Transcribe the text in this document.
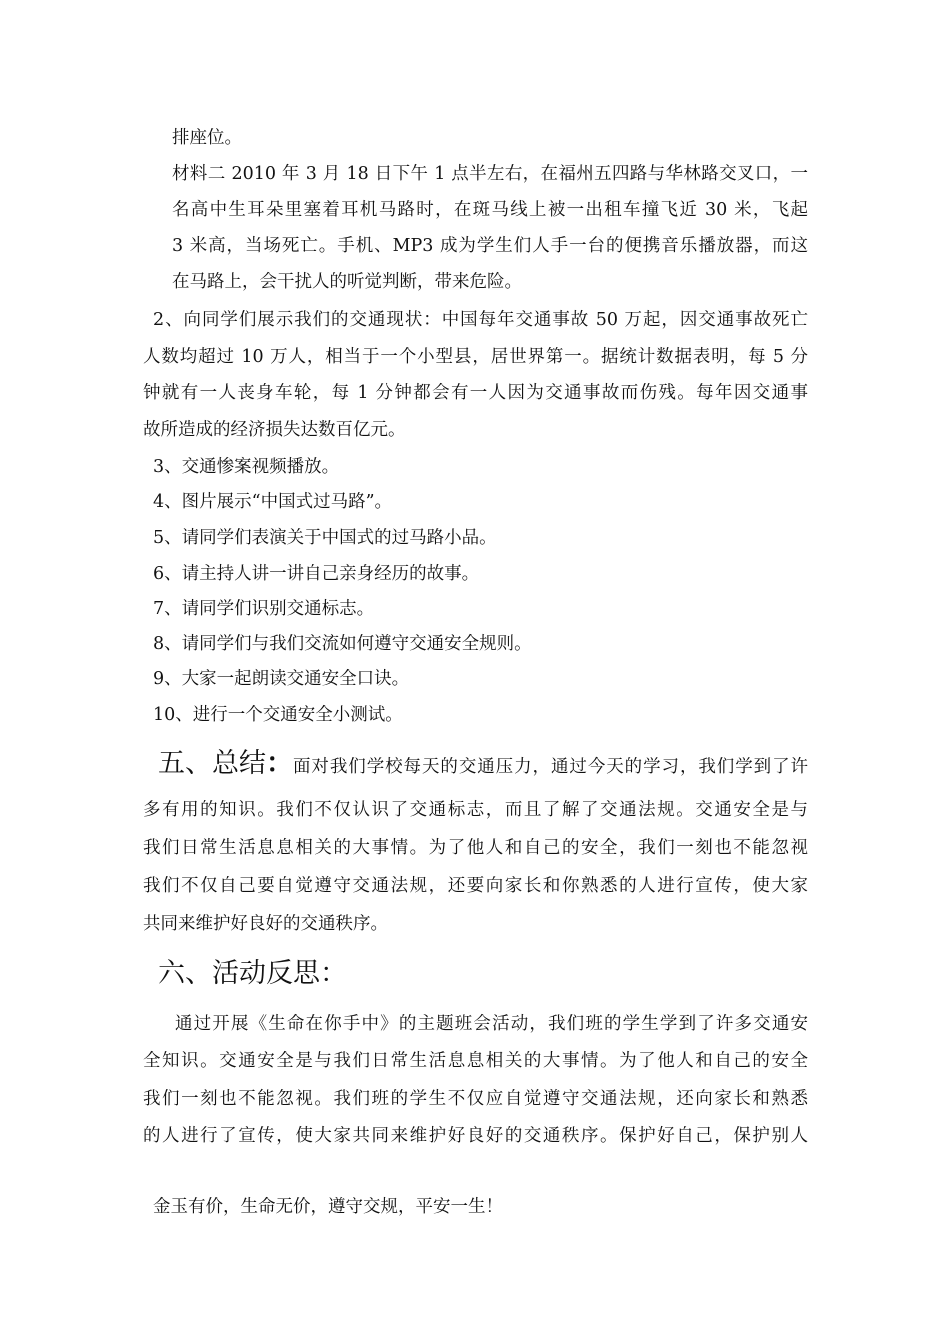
排座位。
材料二 2010 年 3 月 18 日下午 1 点半左右，在福州五四路与华林路交叉口，一
名高中生耳朵里塞着耳机马路时，在斑马线上被一出租车撞飞近 30 米，飞起
3 米高，当场死亡。手机、MP3 成为学生们人手一台的便携音乐播放器，而这
在马路上，会干扰人的听觉判断，带来危险。
2、向同学们展示我们的交通现状：中国每年交通事故 50 万起，因交通事故死亡
人数均超过 10 万人，相当于一个小型县，居世界第一。据统计数据表明，每 5 分
钟就有一人丧身车轮，每 1 分钟都会有一人因为交通事故而伤残。每年因交通事
故所造成的经济损失达数百亿元。
3、交通惨案视频播放。
4、图片展示“中国式过马路”。
5、请同学们表演关于中国式的过马路小品。
6、请主持人讲一讲自己亲身经历的故事。
7、请同学们识别交通标志。
8、请同学们与我们交流如何遵守交通安全规则。
9、大家一起朗读交通安全口诀。
10、进行一个交通安全小测试。
五、总结 ： 面对我们学校每天的交通压力，通过今天的学习，我们学到了许
多有用的知识。我们不仅认识了交通标志，而且了解了交通法规。交通安全是与
我们日常生活息息相关的大事情。为了他人和自己的安全，我们一刻也不能忽视
我们不仅自己要自觉遵守交通法规，还要向家长和你熟悉的人进行宣传，使大家
共同来维护好良好的交通秩序。
六、活动反思：
通过开展《生命在你手中》的主题班会活动，我们班的学生学到了许多交通安
全知识。交通安全是与我们日常生活息息相关的大事情。为了他人和自己的安全
我们一刻也不能忽视。我们班的学生不仅应自觉遵守交通法规，还向家长和熟悉
的人进行了宣传，使大家共同来维护好良好的交通秩序。保护好自己，保护别人
金玉有价，生命无价，遵守交规，平安一生！
